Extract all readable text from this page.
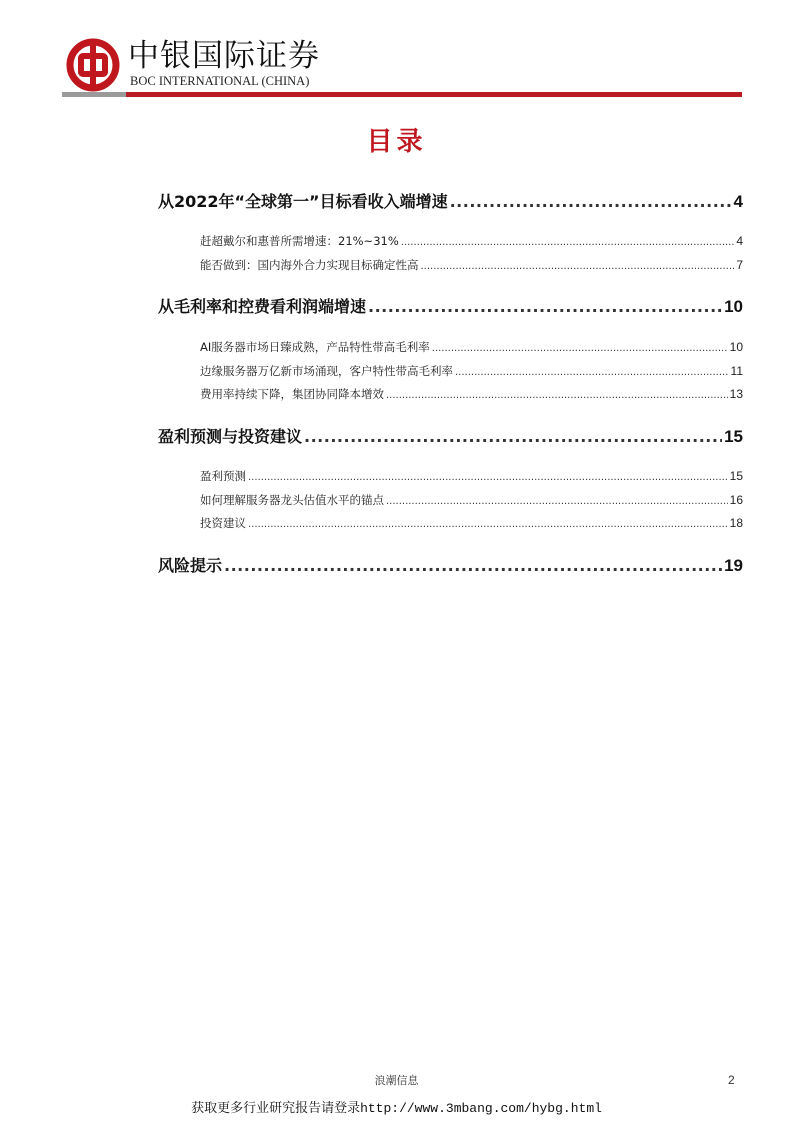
中银国际证券
BOC INTERNATIONAL (CHINA)
目录
从2022年“全球第一”目标看收入端增速 .....	4
赶超戴尔和惠普所需增速：21%~31% .....	4
能否做到：国内海外合力实现目标确定性高 .....	7
从毛利率和控费看利润端增速 .....	10
AI服务器市场日臻成熟，产品特性带高毛利率 .....	10
边缘服务器万亿新市场涌现，客户特性带高毛利率 .....	11
费用率持续下降，集团协同降本增效 .....	13
盈利预测与投资建议 .....	15
盈利预测 .....	15
如何理解服务器龙头估值水平的锚点 .....	16
投资建议 .....	18
风险提示 .....	19
浪潮信息	2
获取更多行业研究报告请登录http://www.3mbang.com/hybg.html
